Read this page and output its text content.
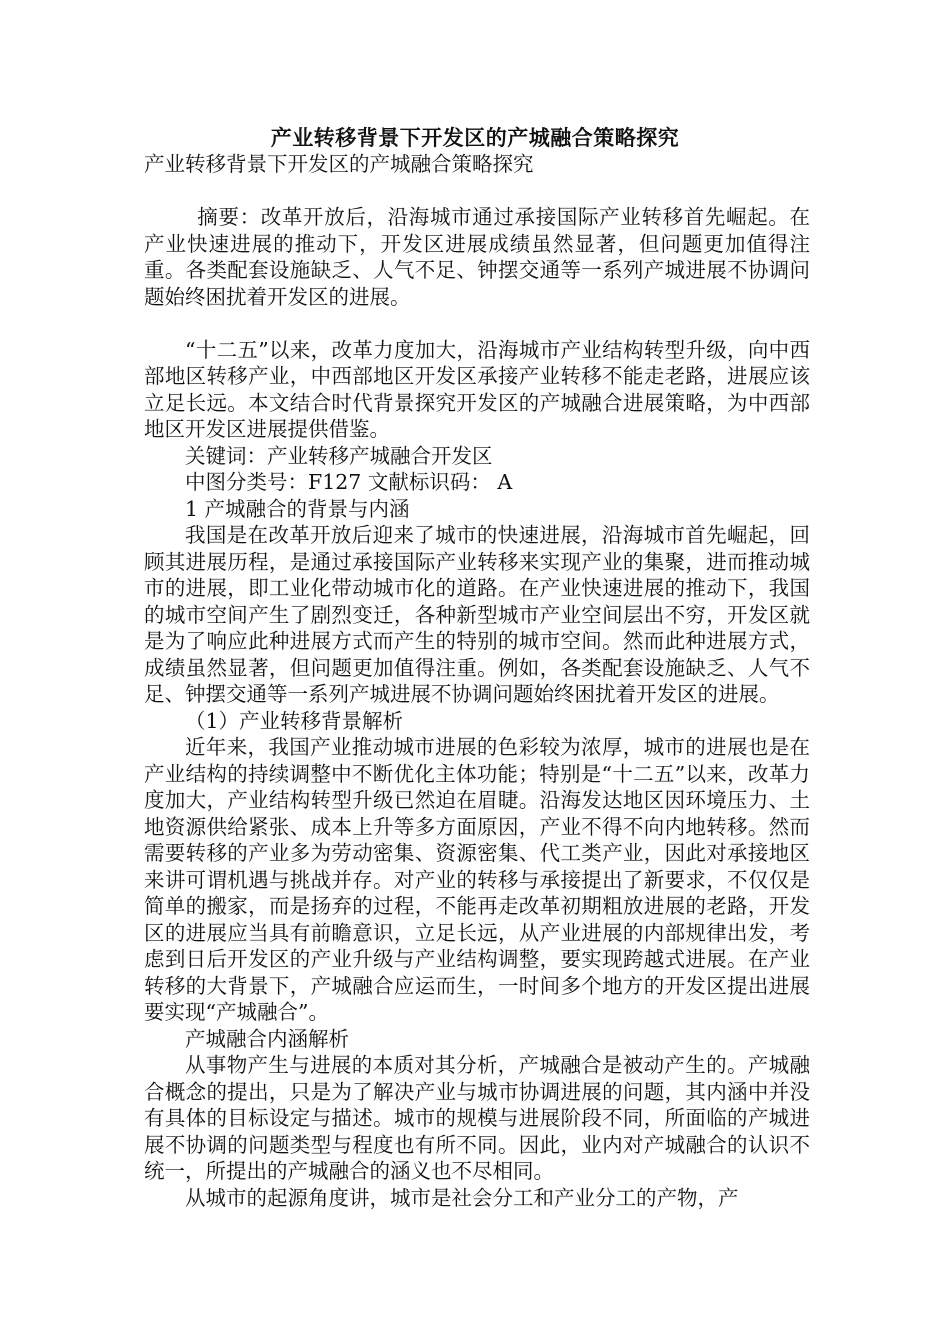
产业转移背景下开发区的产城融合策略探究

产业转移背景下开发区的产城融合策略探究

摘要：改革开放后，沿海城市通过承接国际产业转移首先崛起。在产业快速进展的推动下，开发区进展成绩虽然显著，但问题更加值得注重。各类配套设施缺乏、人气不足、钟摆交通等一系列产城进展不协调问题始终困扰着开发区的进展。

“十二五”以来，改革力度加大，沿海城市产业结构转型升级，向中西部地区转移产业，中西部地区开发区承接产业转移不能走老路，进展应该立足长远。本文结合时代背景探究开发区的产城融合进展策略，为中西部地区开发区进展提供借鉴。

关键词：产业转移产城融合开发区

中图分类号：F127 文献标识码： A

1 产城融合的背景与内涵

我国是在改革开放后迎来了城市的快速进展，沿海城市首先崛起，回顾其进展历程，是通过承接国际产业转移来实现产业的集聚，进而推动城市的进展，即工业化带动城市化的道路。在产业快速进展的推动下，我国的城市空间产生了剧烈变迁，各种新型城市产业空间层出不穷，开发区就是为了响应此种进展方式而产生的特别的城市空间。然而此种进展方式，成绩虽然显著，但问题更加值得注重。例如，各类配套设施缺乏、人气不足、钟摆交通等一系列产城进展不协调问题始终困扰着开发区的进展。

（1）产业转移背景解析

近年来，我国产业推动城市进展的色彩较为浓厚，城市的进展也是在产业结构的持续调整中不断优化主体功能；特别是“十二五”以来，改革力度加大，产业结构转型升级已然迫在眉睫。沿海发达地区因环境压力、土地资源供给紧张、成本上升等多方面原因，产业不得不向内地转移。然而需要转移的产业多为劳动密集、资源密集、代工类产业，因此对承接地区来讲可谓机遇与挑战并存。对产业的转移与承接提出了新要求，不仅仅是简单的搬家，而是扬弃的过程，不能再走改革初期粗放进展的老路，开发区的进展应当具有前瞻意识，立足长远，从产业进展的内部规律出发，考虑到日后开发区的产业升级与产业结构调整，要实现跨越式进展。在产业转移的大背景下，产城融合应运而生，一时间多个地方的开发区提出进展要实现“产城融合”。

产城融合内涵解析

从事物产生与进展的本质对其分析，产城融合是被动产生的。产城融合概念的提出，只是为了解决产业与城市协调进展的问题，其内涵中并没有具体的目标设定与描述。城市的规模与进展阶段不同，所面临的产城进展不协调的问题类型与程度也有所不同。因此，业内对产城融合的认识不统一，所提出的产城融合的涵义也不尽相同。

从城市的起源角度讲，城市是社会分工和产业分工的产物，产
